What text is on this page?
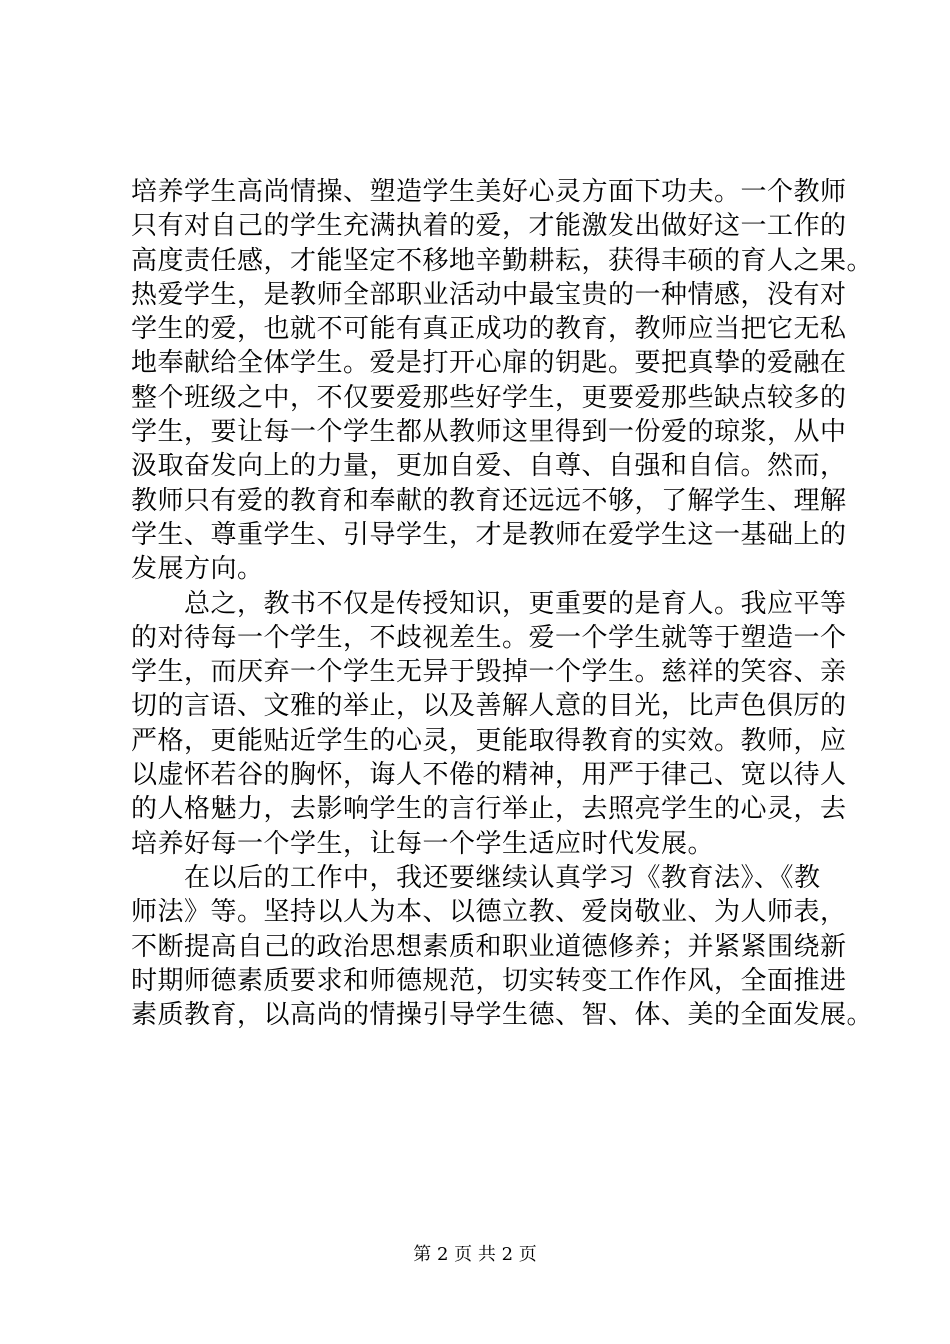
培养学生高尚情操、塑造学生美好心灵方面下功夫。一个教师
只有对自己的学生充满执着的爱，才能激发出做好这一工作的
高度责任感，才能坚定不移地辛勤耕耘，获得丰硕的育人之果。
热爱学生，是教师全部职业活动中最宝贵的一种情感，没有对
学生的爱，也就不可能有真正成功的教育，教师应当把它无私
地奉献给全体学生。爱是打开心扉的钥匙。要把真挚的爱融在
整个班级之中，不仅要爱那些好学生，更要爱那些缺点较多的
学生，要让每一个学生都从教师这里得到一份爱的琼浆，从中
汲取奋发向上的力量，更加自爱、自尊、自强和自信。然而，
教师只有爱的教育和奉献的教育还远远不够，了解学生、理解
学生、尊重学生、引导学生，才是教师在爱学生这一基础上的
发展方向。
　　总之，教书不仅是传授知识，更重要的是育人。我应平等
的对待每一个学生，不歧视差生。爱一个学生就等于塑造一个
学生，而厌弃一个学生无异于毁掉一个学生。慈祥的笑容、亲
切的言语、文雅的举止，以及善解人意的目光，比声色俱厉的
严格，更能贴近学生的心灵，更能取得教育的实效。教师，应
以虚怀若谷的胸怀，诲人不倦的精神，用严于律己、宽以待人
的人格魅力，去影响学生的言行举止，去照亮学生的心灵，去
培养好每一个学生，让每一个学生适应时代发展。
　　在以后的工作中，我还要继续认真学习《教育法》、《教
师法》等。坚持以人为本、以德立教、爱岗敬业、为人师表，
不断提高自己的政治思想素质和职业道德修养；并紧紧围绕新
时期师德素质要求和师德规范，切实转变工作作风，全面推进
素质教育，以高尚的情操引导学生德、智、体、美的全面发展。
第 2 页 共 2 页
